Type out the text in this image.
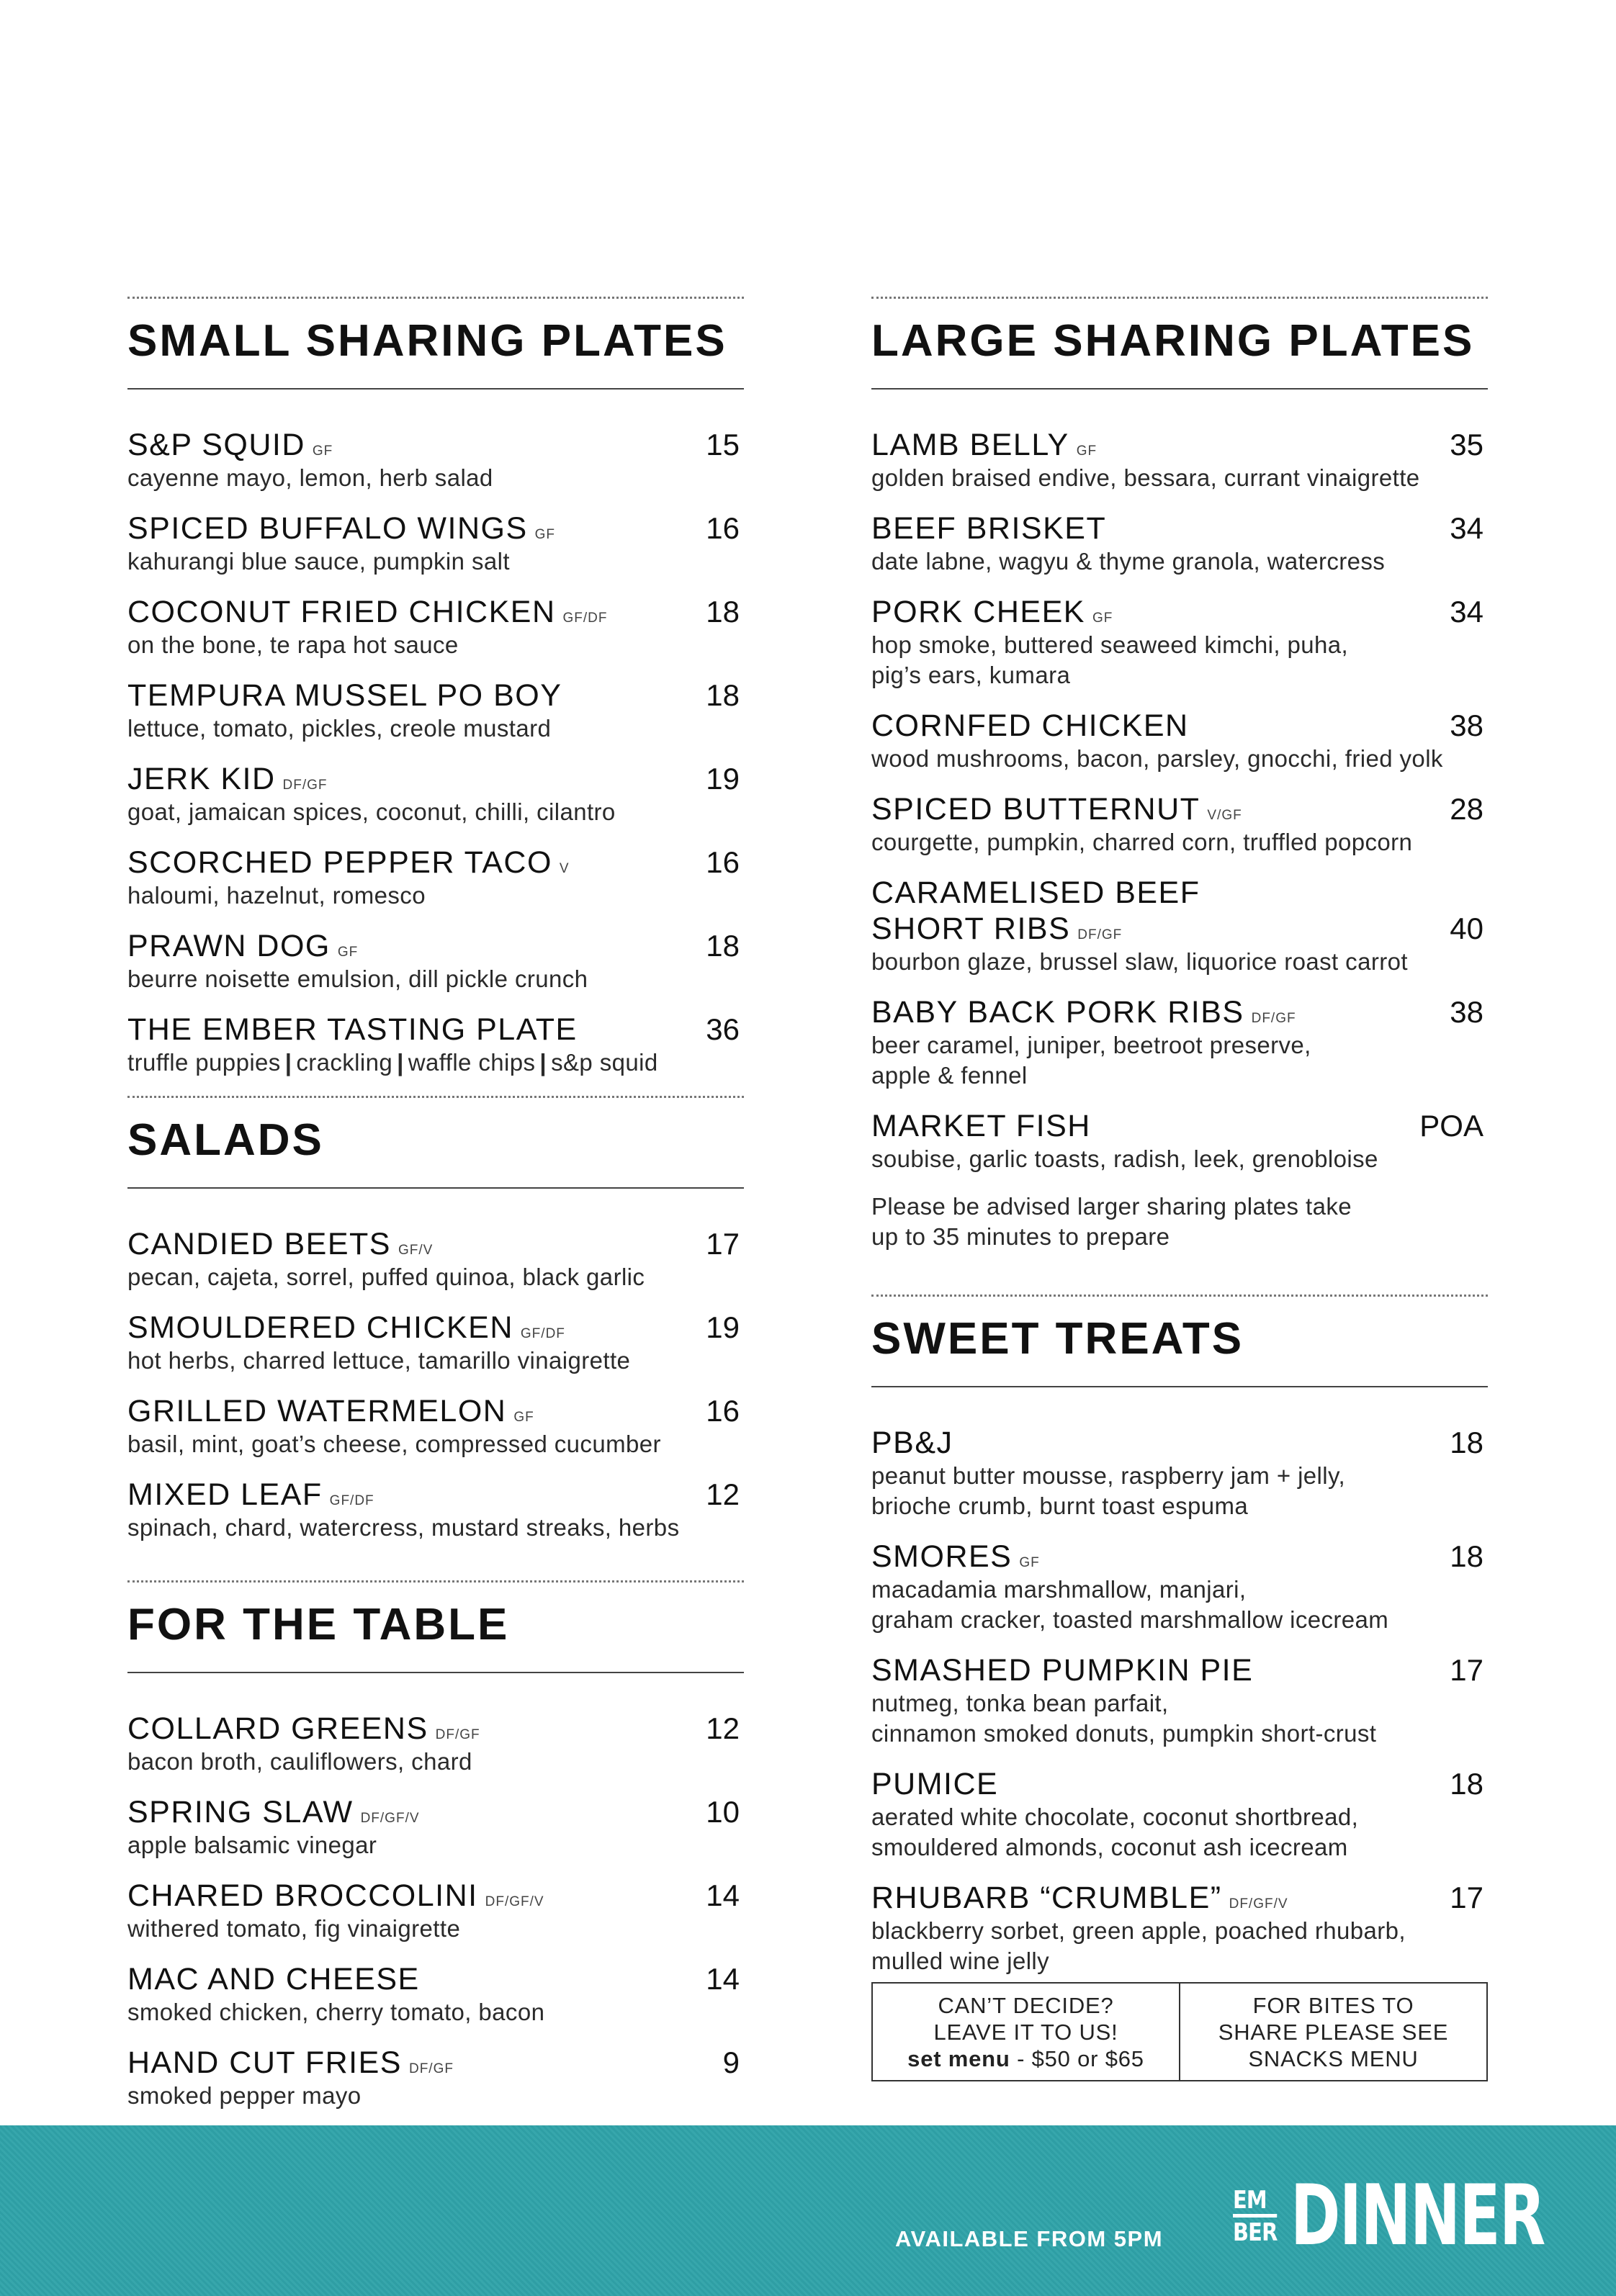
SMALL SHARING PLATES
S&P SQUID GF	15
cayenne mayo, lemon, herb salad
SPICED BUFFALO WINGS GF	16
kahurangi blue sauce, pumpkin salt
COCONUT FRIED CHICKEN GF/DF	18
on the bone, te rapa hot sauce
TEMPURA MUSSEL PO BOY	18
lettuce, tomato, pickles, creole mustard
JERK KID DF/GF	19
goat, jamaican spices, coconut, chilli, cilantro
SCORCHED PEPPER TACO V	16
haloumi, hazelnut, romesco
PRAWN DOG GF	18
beurre noisette emulsion, dill pickle crunch
THE EMBER TASTING PLATE	36
truffle puppies | crackling | waffle chips | s&p squid
SALADS
CANDIED BEETS GF/V	17
pecan, cajeta, sorrel, puffed quinoa, black garlic
SMOULDERED CHICKEN GF/DF	19
hot herbs, charred lettuce, tamarillo vinaigrette
GRILLED WATERMELON GF	16
basil, mint, goat’s cheese, compressed cucumber
MIXED LEAF GF/DF	12
spinach, chard, watercress, mustard streaks, herbs
FOR THE TABLE
COLLARD GREENS DF/GF	12
bacon broth, cauliflowers, chard
SPRING SLAW DF/GF/V	10
apple balsamic vinegar
CHARED BROCCOLINI DF/GF/V	14
withered tomato, fig vinaigrette
MAC AND CHEESE	14
smoked chicken, cherry tomato, bacon
HAND CUT FRIES DF/GF	9
smoked pepper mayo
LARGE SHARING PLATES
LAMB BELLY GF	35
golden braised endive, bessara, currant vinaigrette
BEEF BRISKET	34
date labne, wagyu & thyme granola, watercress
PORK CHEEK GF	34
hop smoke, buttered seaweed kimchi, puha,
pig’s ears, kumara
CORNFED CHICKEN	38
wood mushrooms, bacon, parsley, gnocchi, fried yolk
SPICED BUTTERNUT V/GF	28
courgette, pumpkin, charred corn, truffled popcorn
CARAMELISED BEEF
SHORT RIBS DF/GF	40
bourbon glaze, brussel slaw, liquorice roast carrot
BABY BACK PORK RIBS DF/GF	38
beer caramel, juniper, beetroot preserve,
apple & fennel
MARKET FISH	POA
soubise, garlic toasts, radish, leek, grenobloise
Please be advised larger sharing plates take
up to 35 minutes to prepare
SWEET TREATS
PB&J	18
peanut butter mousse, raspberry jam + jelly,
brioche crumb, burnt toast espuma
SMORES GF	18
macadamia marshmallow, manjari,
graham cracker, toasted marshmallow icecream
SMASHED PUMPKIN PIE	17
nutmeg, tonka bean parfait,
cinnamon smoked donuts, pumpkin short-crust
PUMICE	18
aerated white chocolate, coconut shortbread,
smouldered almonds, coconut ash icecream
RHUBARB “CRUMBLE” DF/GF/V	17
blackberry sorbet, green apple, poached rhubarb,
mulled wine jelly
CAN’T DECIDE?
LEAVE IT TO US!
set menu - $50 or $65
FOR BITES TO
SHARE PLEASE SEE
SNACKS MENU
AVAILABLE FROM 5PM
EM
BER DINNER
